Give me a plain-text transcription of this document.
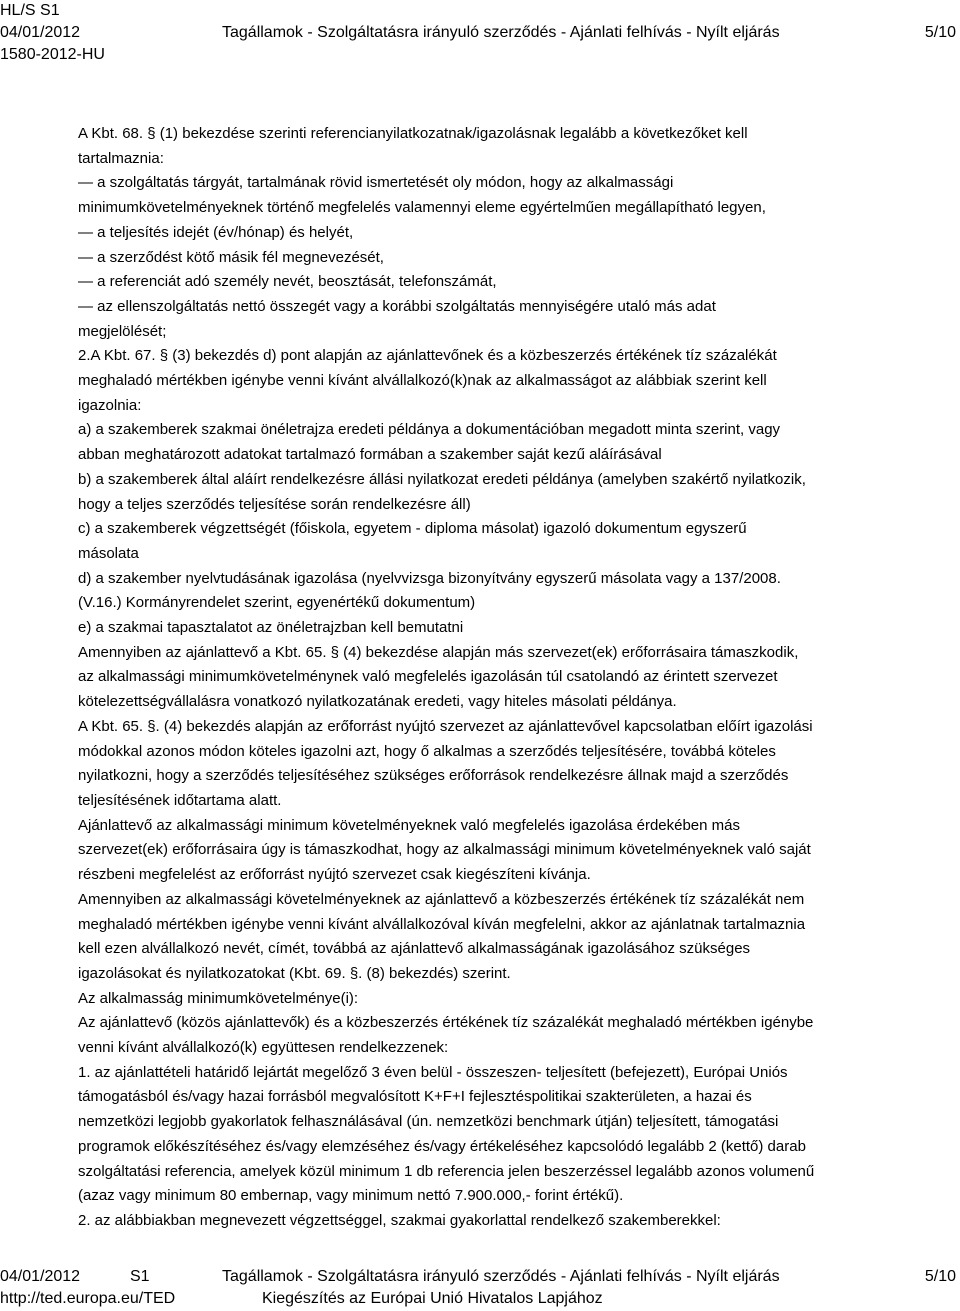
HL/S S1
04/01/2012	Tagállamok - Szolgáltatásra irányuló szerződés - Ajánlati felhívás - Nyílt eljárás	5/10
1580-2012-HU
A Kbt. 68. § (1) bekezdése szerinti referencianyilatkozatnak/igazolásnak legalább a következőket kell
tartalmaznia:
— a szolgáltatás tárgyát, tartalmának rövid ismertetését oly módon, hogy az alkalmassági
minimumkövetelményeknek történő megfelelés valamennyi eleme egyértelműen megállapítható legyen,
— a teljesítés idejét (év/hónap) és helyét,
— a szerződést kötő másik fél megnevezését,
— a referenciát adó személy nevét, beosztását, telefonszámát,
— az ellenszolgáltatás nettó összegét vagy a korábbi szolgáltatás mennyiségére utaló más adat
megjelölését;
2.A Kbt. 67. § (3) bekezdés d) pont alapján az ajánlattevőnek és a közbeszerzés értékének tíz százalékát
meghaladó mértékben igénybe venni kívánt alvállalkozó(k)nak az alkalmasságot az alábbiak szerint kell
igazolnia:
a) a szakemberek szakmai önéletrajza eredeti példánya a dokumentációban megadott minta szerint, vagy
abban meghatározott adatokat tartalmazó formában a szakember saját kezű aláírásával
b) a szakemberek által aláírt rendelkezésre állási nyilatkozat eredeti példánya (amelyben szakértő nyilatkozik,
hogy a teljes szerződés teljesítése során rendelkezésre áll)
c) a szakemberek végzettségét (főiskola, egyetem - diploma másolat) igazoló dokumentum egyszerű
másolata
d) a szakember nyelvtudásának igazolása (nyelvvizsga bizonyítvány egyszerű másolata vagy a 137/2008.
(V.16.) Kormányrendelet szerint, egyenértékű dokumentum)
e) a szakmai tapasztalatot az önéletrajzban kell bemutatni
Amennyiben az ajánlattevő a Kbt. 65. § (4) bekezdése alapján más szervezet(ek) erőforrásaira támaszkodik,
az alkalmassági minimumkövetelménynek való megfelelés igazolásán túl csatolandó az érintett szervezet
kötelezettségvállalásra vonatkozó nyilatkozatának eredeti, vagy hiteles másolati példánya.
A Kbt. 65. §. (4) bekezdés alapján az erőforrást nyújtó szervezet az ajánlattevővel kapcsolatban előírt igazolási
módokkal azonos módon köteles igazolni azt, hogy ő alkalmas a szerződés teljesítésére, továbbá köteles
nyilatkozni, hogy a szerződés teljesítéséhez szükséges erőforrások rendelkezésre állnak majd a szerződés
teljesítésének időtartama alatt.
Ajánlattevő az alkalmassági minimum követelményeknek való megfelelés igazolása érdekében más
szervezet(ek) erőforrásaira úgy is támaszkodhat, hogy az alkalmassági minimum követelményeknek való saját
részbeni megfelelést az erőforrást nyújtó szervezet csak kiegészíteni kívánja.
Amennyiben az alkalmassági követelményeknek az ajánlattevő a közbeszerzés értékének tíz százalékát nem
meghaladó mértékben igénybe venni kívánt alvállalkozóval kíván megfelelni, akkor az ajánlatnak tartalmaznia
kell ezen alvállalkozó nevét, címét, továbbá az ajánlattevő alkalmasságának igazolásához szükséges
igazolásokat és nyilatkozatokat (Kbt. 69. §. (8) bekezdés) szerint.
Az alkalmasság minimumkövetelménye(i):
Az ajánlattevő (közös ajánlattevők) és a közbeszerzés értékének tíz százalékát meghaladó mértékben igénybe
venni kívánt alvállalkozó(k) együttesen rendelkezzenek:
1. az ajánlattételi határidő lejártát megelőző 3 éven belül - összeszen- teljesített (befejezett), Európai Uniós
támogatásból és/vagy hazai forrásból megvalósított K+F+I fejlesztéspolitikai szakterületen, a hazai és
nemzetközi legjobb gyakorlatok felhasználásával (ún. nemzetközi benchmark útján) teljesített, támogatási
programok előkészítéséhez és/vagy elemzéséhez és/vagy értékeléséhez kapcsolódó legalább 2 (kettő) darab
szolgáltatási referencia, amelyek közül minimum 1 db referencia jelen beszerzéssel legalább azonos volumenű
(azaz vagy minimum 80 embernap, vagy minimum nettó 7.900.000,- forint értékű).
2. az alábbiakban megnevezett végzettséggel, szakmai gyakorlattal rendelkező szakemberekkel:
04/01/2012	S1	Tagállamok - Szolgáltatásra irányuló szerződés - Ajánlati felhívás - Nyílt eljárás	5/10
http://ted.europa.eu/TED	Kiegészítés az Európai Unió Hivatalos Lapjához
